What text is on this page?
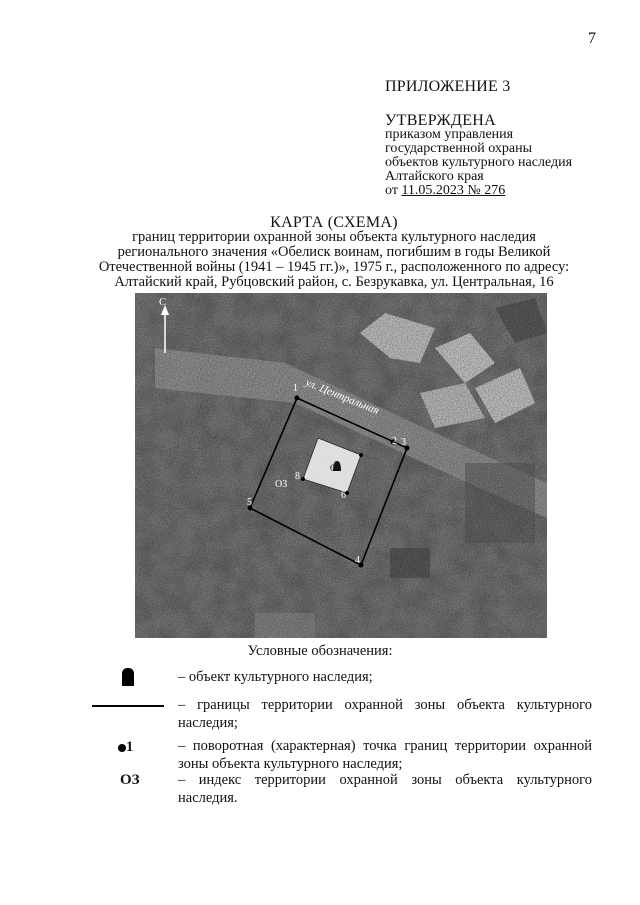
7
ПРИЛОЖЕНИЕ 3
УТВЕРЖДЕНА
приказом управления
государственной охраны
объектов культурного наследия
Алтайского края
от 11.05.2023 № 276
КАРТА (СХЕМА)
границ территории охранной зоны объекта культурного наследия
регионального значения «Обелиск воинам, погибшим в годы Великой
Отечественной войны (1941 – 1945 гг.)», 1975 г., расположенного по адресу:
Алтайский край, Рубцовский район, с. Безрукавка, ул. Центральная, 16
С
ул. Центральная
1
2 3
4
5
6
8
О
ОЗ
Условные обозначения:
– объект культурного наследия;
– границы территории охранной зоны объекта культурного наследия;
1	– поворотная (характерная) точка границ территории охранной зоны объекта культурного наследия;
ОЗ	– индекс территории охранной зоны объекта культурного наследия.
